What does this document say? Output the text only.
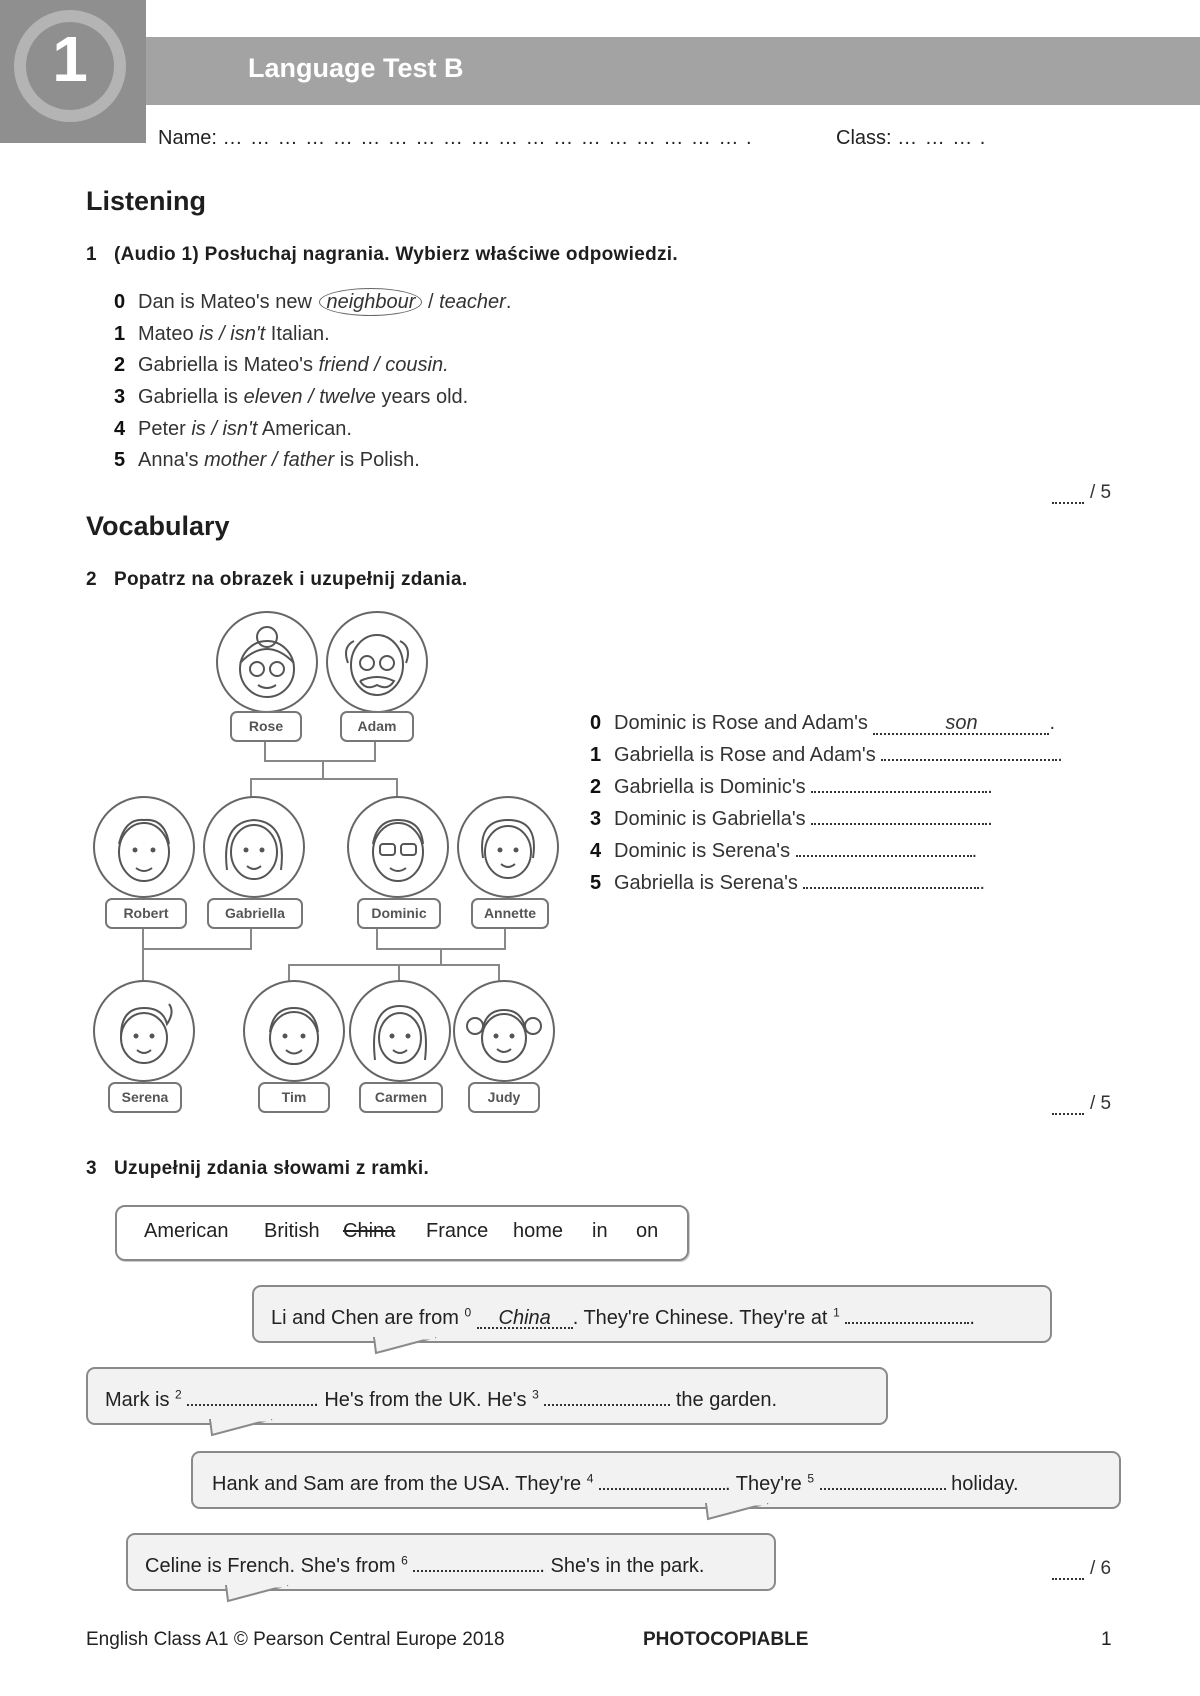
1	Language Test B
Name: … … … … … … … … … … … … … … … … … … … .	Class: … … … .
Listening
1 (Audio 1) Posłuchaj nagrania. Wybierz właściwe odpowiedzi.
0 Dan is Mateo's new neighbour / teacher.
1 Mateo is / isn't Italian.
2 Gabriella is Mateo's friend / cousin.
3 Gabriella is eleven / twelve years old.
4 Peter is / isn't American.
5 Anna's mother / father is Polish.
/ 5
Vocabulary
2 Popatrz na obrazek i uzupełnij zdania.
Rose	Adam
Robert	Gabriella	Dominic	Annette
Serena	Tim	Carmen	Judy
0 Dominic is Rose and Adam's	son	.
1 Gabriella is Rose and Adam's	.
2 Gabriella is Dominic's	.
3 Dominic is Gabriella's	.
4 Dominic is Serena's	.
5 Gabriella is Serena's	.
/ 5
3 Uzupełnij zdania słowami z ramki.
American British China France home in on
Li and Chen are from $^0$ China . They're Chinese. They're at $^1$	.
Mark is $^2$	. He's from the UK. He's $^3$	the garden.
Hank and Sam are from the USA. They're $^4$	. They're $^5$	holiday.
Celine is French. She's from $^6$	. She's in the park.	/ 6
English Class A1 © Pearson Central Europe 2018	PHOTOCOPIABLE	1
